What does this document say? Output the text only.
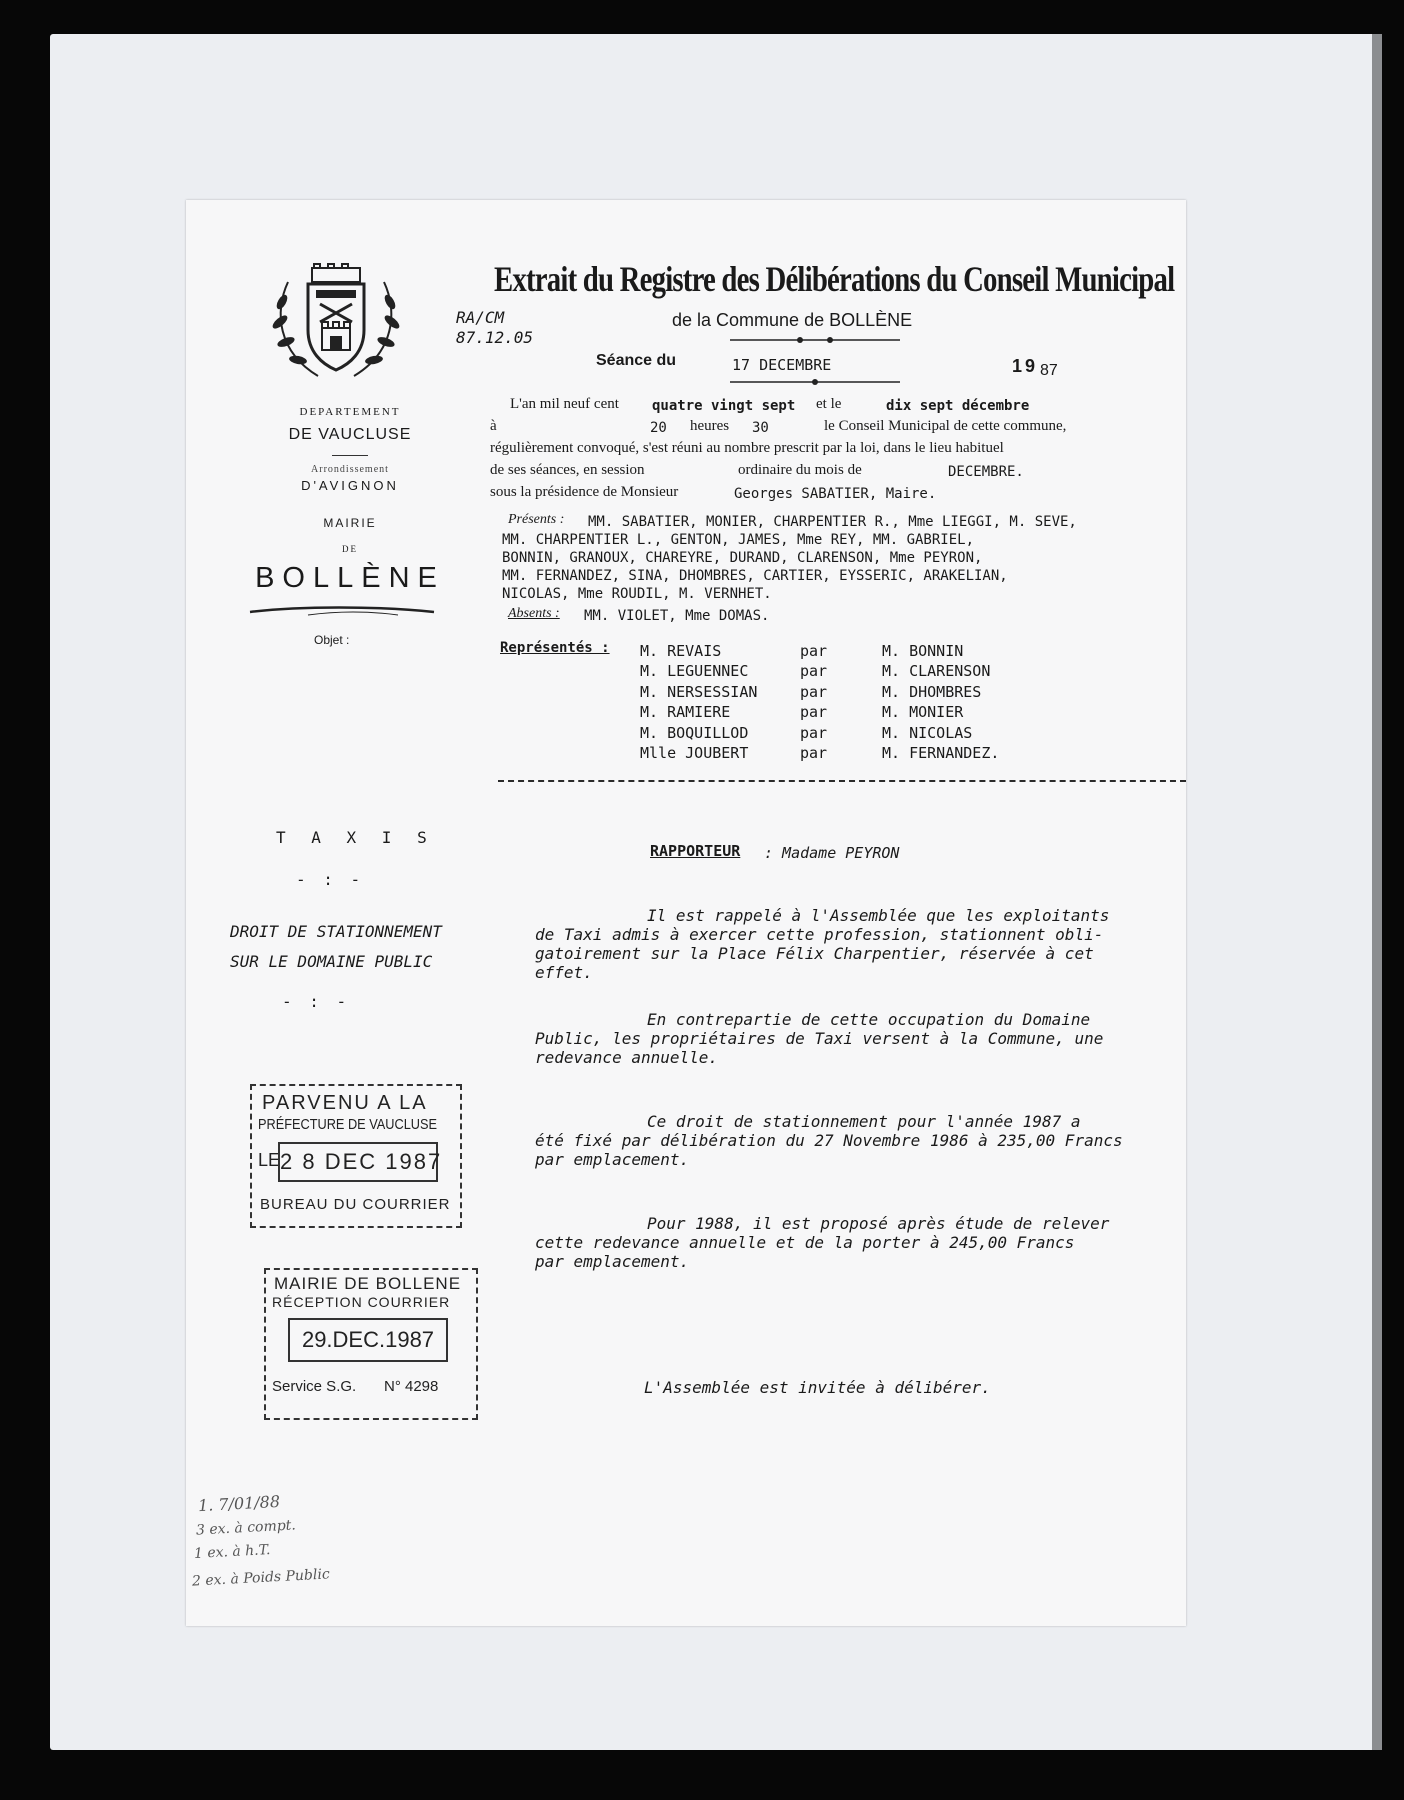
DEPARTEMENT
DE VAUCLUSE
Arrondissement
D'AVIGNON
MAIRIE
DE
BOLLÈNE
Objet :
Extrait du Registre des Délibérations du Conseil Municipal
RA/CM
87.12.05
de la Commune de BOLLÈNE
Séance du	17 DECEMBRE	19 87
L'an mil neuf cent quatre vingt sept et le	dix sept décembre
à	20 heures 30	le Conseil Municipal de cette commune,
régulièrement convoqué, s'est réuni au nombre prescrit par la loi, dans le lieu habituel
de ses séances, en session	ordinaire du mois de	DECEMBRE.
sous la présidence de Monsieur	Georges SABATIER, Maire.
Présents : MM. SABATIER, MONIER, CHARPENTIER R., Mme LIEGGI, M. SEVE,
MM. CHARPENTIER L., GENTON, JAMES, Mme REY, MM. GABRIEL,
BONNIN, GRANOUX, CHAREYRE, DURAND, CLARENSON, Mme PEYRON,
MM. FERNANDEZ, SINA, DHOMBRES, CARTIER, EYSSERIC, ARAKELIAN,
NICOLAS, Mme ROUDIL, M. VERNHET.
Absents : MM. VIOLET, Mme DOMAS.
Représentés : M. REVAIS	par	M. BONNIN
M. LEGUENNEC	par	M. CLARENSON
M. NERSESSIAN	par	M. DHOMBRES
M. RAMIERE	par	M. MONIER
M. BOQUILLOD	par	M. NICOLAS
Mlle JOUBERT	par	M. FERNANDEZ.
T A X I S
- : -
DROIT DE STATIONNEMENT
SUR LE DOMAINE PUBLIC
- : -
RAPPORTEUR : Madame PEYRON
Il est rappelé à l'Assemblée que les exploitants
de Taxi admis à exercer cette profession, stationnent obli-
gatoirement sur la Place Félix Charpentier, réservée à cet
effet.
En contrepartie de cette occupation du Domaine
Public, les propriétaires de Taxi versent à la Commune, une
redevance annuelle.
Ce droit de stationnement pour l'année 1987 a
été fixé par délibération du 27 Novembre 1986 à 235,00 Francs
par emplacement.
Pour 1988, il est proposé après étude de relever
cette redevance annuelle et de la porter à 245,00 Francs
par emplacement.
L'Assemblée est invitée à délibérer.
PARVENU A LA
PRÉFECTURE DE VAUCLUSE
LE 2 8 DEC 1987
BUREAU DU COURRIER
MAIRIE DE BOLLENE
RÉCEPTION COURRIER
29.DEC.1987
Service S.G. N° 4298
1. 7/01/88
3 ex. à compt.
1 ex. à h.T.
2 ex. à Poids Public
